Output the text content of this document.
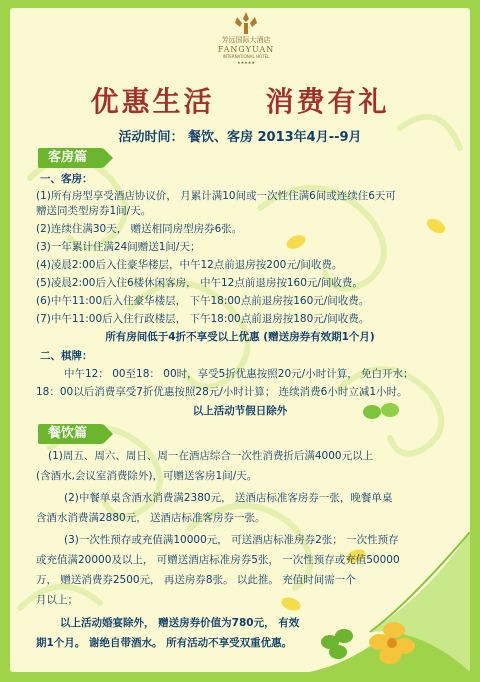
芳远国际大酒店
FANGYUAN
INTERNATIONAL HOTEL
★★★★★
优惠生活    消费有礼
活动时间： 餐饮、客房 2013年4月--9月
客房篇
一、客房：
(1)所有房型享受酒店协议价， 月累计满10间或一次性住满6间或连续住6天可
赠送同类型房券1间/天。
(2)连续住满30天， 赠送相同房型房券6张。
(3)一年累计住满24间赠送1间/天；
(4)凌晨2:00后入住豪华楼层，中午12点前退房按200元/间收费。
(5)凌晨2:00后入住6楼休闲客房， 中午12点前退房按160元/间收费。
(6)中午11:00后入住豪华楼层， 下午18:00点前退房按160元/间收费。
(7)中午11:00后入住行政楼层， 下午18:00点前退房按180元/间收费。
所有房间低于4折不享受以上优惠 (赠送房券有效期1个月)
二、棋牌：
中午12： 00至18： 00时，享受5折优惠按照20元/小时计算， 免白开水；
18：00以后消费享受7折优惠按照28元/小时计算； 连续消费6小时立减1小时。
以上活动节假日除外
餐饮篇
(1)周五、周六、周日、周一在酒店综合一次性消费折后满4000元以上
(含酒水,会议室消费除外)，可赠送客房1间/天。
(2)中餐单桌含酒水消费满2380元， 送酒店标准客房券一张，晚餐单桌
含酒水消费满2880元， 送酒店标准客房券一张。
(3)一次性预存或充值满10000元， 可送酒店标准房券2张； 一次性预存
或充值满20000及以上， 可赠送酒店标准房券5张， 一次性预存或充值50000
万， 赠送消费券2500元， 再送房券8张。 以此推。 充值时间需一个
月以上；
以上活动婚宴除外， 赠送房券价值为780元， 有效
期1个月。 谢绝自带酒水。 所有活动不享受双重优惠。
